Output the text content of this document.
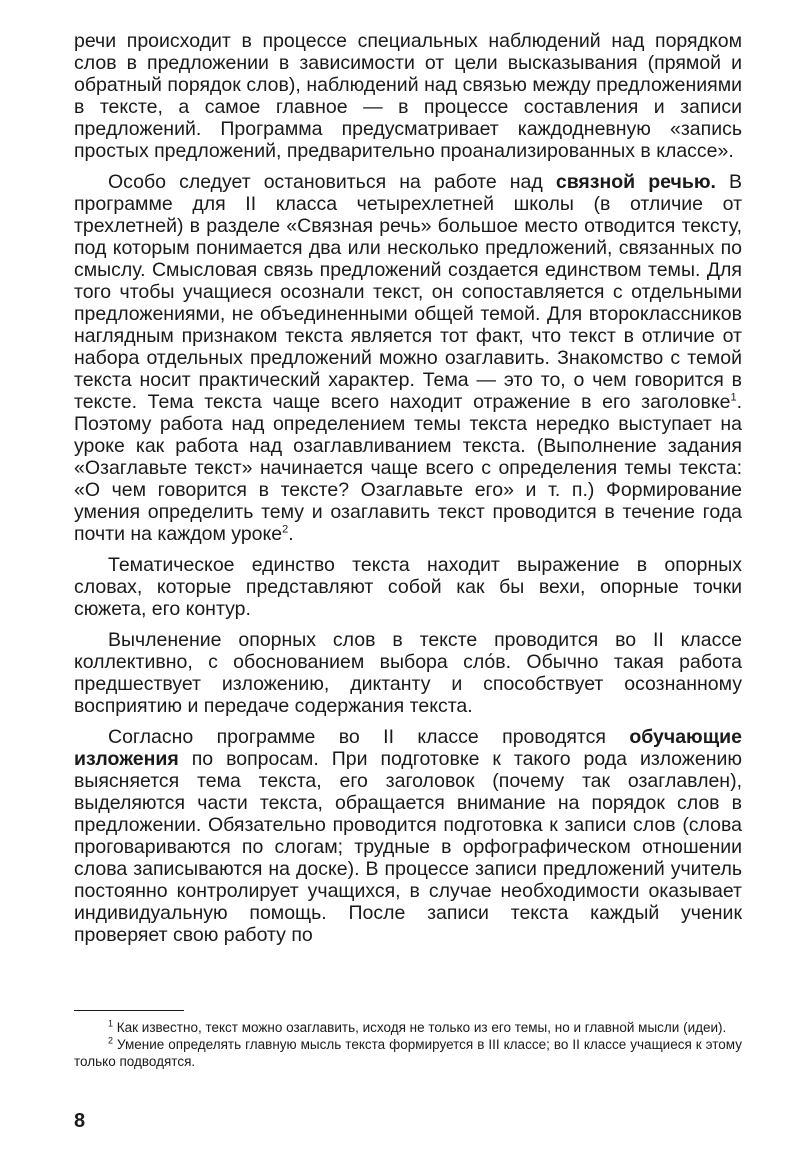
речи происходит в процессе специальных наблюдений над порядком слов в предложении в зависимости от цели высказывания (прямой и обратный порядок слов), наблюдений над связью между предложениями в тексте, а самое главное — в процессе составления и записи предложений. Программа предусматривает каждодневную «запись простых предложений, предварительно проанализированных в классе».

Особо следует остановиться на работе над связной речью. В программе для II класса четырехлетней школы (в отличие от трехлетней) в разделе «Связная речь» большое место отводится тексту, под которым понимается два или несколько предложений, связанных по смыслу. Смысловая связь предложений создается единством темы. Для того чтобы учащиеся осознали текст, он сопоставляется с отдельными предложениями, не объединенными общей темой. Для второклассников наглядным признаком текста является тот факт, что текст в отличие от набора отдельных предложений можно озаглавить. Знакомство с темой текста носит практический характер. Тема — это то, о чем говорится в тексте. Тема текста чаще всего находит отражение в его заголовке$^1$. Поэтому работа над определением темы текста нередко выступает на уроке как работа над озаглавливанием текста. (Выполнение задания «Озаглавьте текст» начинается чаще всего с определения темы текста: «О чем говорится в тексте? Озаглавьте его» и т. п.) Формирование умения определить тему и озаглавить текст проводится в течение года почти на каждом уроке$^2$.

Тематическое единство текста находит выражение в опорных словах, которые представляют собой как бы вехи, опорные точки сюжета, его контур.

Вычленение опорных слов в тексте проводится во II классе коллективно, с обоснованием выбора сло́в. Обычно такая работа предшествует изложению, диктанту и способствует осознанному восприятию и передаче содержания текста.

Согласно программе во II классе проводятся обучающие изложения по вопросам. При подготовке к такого рода изложению выясняется тема текста, его заголовок (почему так озаглавлен), выделяются части текста, обращается внимание на порядок слов в предложении. Обязательно проводится подготовка к записи слов (слова проговариваются по слогам; трудные в орфографическом отношении слова записываются на доске). В процессе записи предложений учитель постоянно контролирует учащихся, в случае необходимости оказывает индивидуальную помощь. После записи текста каждый ученик проверяет свою работу по

$^1$ Как известно, текст можно озаглавить, исходя не только из его темы, но и главной мысли (идеи).

$^2$ Умение определять главную мысль текста формируется в III классе; во II классе учащиеся к этому только подводятся.

8
